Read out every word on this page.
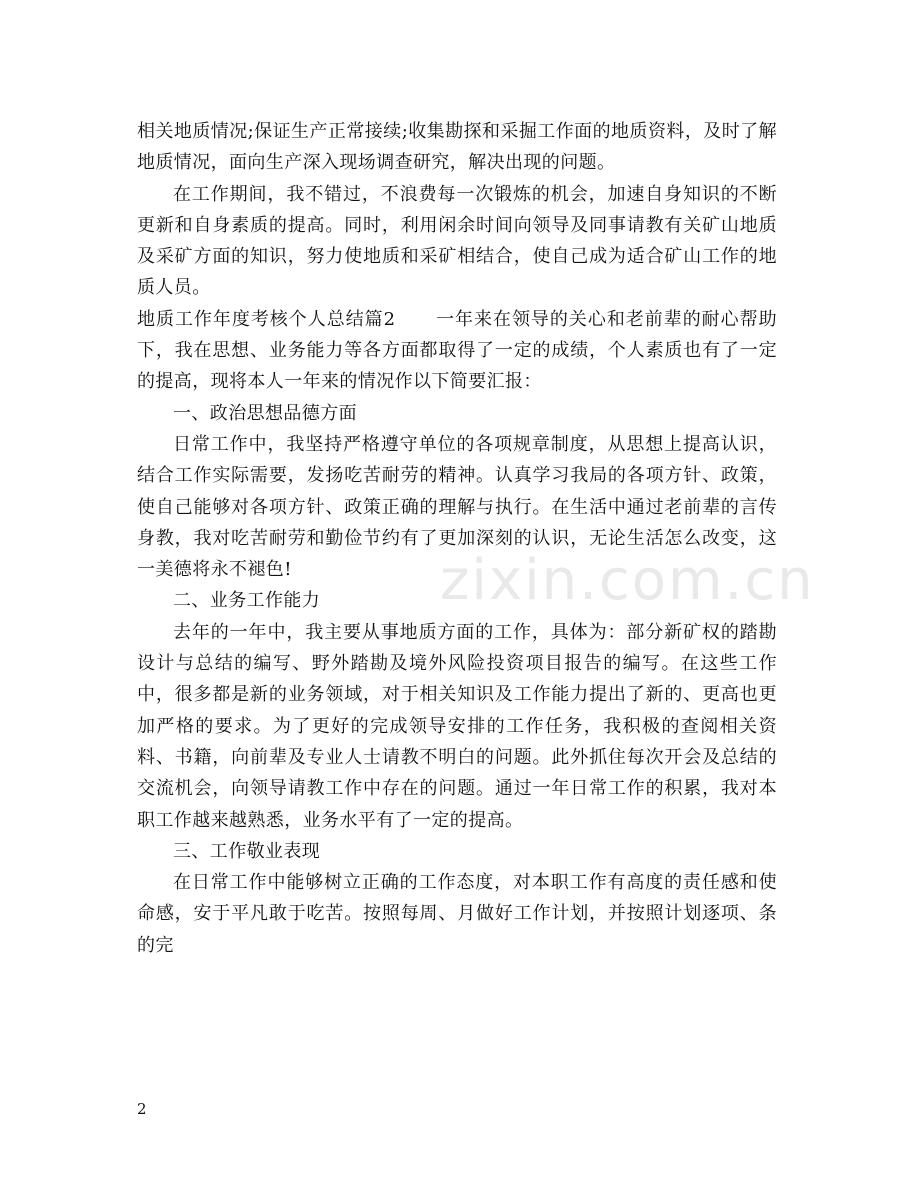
zixin.com.cn

相关地质情况;保证生产正常接续;收集勘探和采掘工作面的地质资料，及时了解地质情况，面向生产深入现场调查研究，解决出现的问题。

在工作期间，我不错过，不浪费每一次锻炼的机会，加速自身知识的不断更新和自身素质的提高。同时，利用闲余时间向领导及同事请教有关矿山地质及采矿方面的知识，努力使地质和采矿相结合，使自己成为适合矿山工作的地质人员。

地质工作年度考核个人总结篇2 一年来在领导的关心和老前辈的耐心帮助下，我在思想、业务能力等各方面都取得了一定的成绩，个人素质也有了一定的提高，现将本人一年来的情况作以下简要汇报：

一、政治思想品德方面

日常工作中，我坚持严格遵守单位的各项规章制度，从思想上提高认识，结合工作实际需要，发扬吃苦耐劳的精神。认真学习我局的各项方针、政策，使自己能够对各项方针、政策正确的理解与执行。在生活中通过老前辈的言传身教，我对吃苦耐劳和勤俭节约有了更加深刻的认识，无论生活怎么改变，这一美德将永不褪色!

二、业务工作能力

去年的一年中，我主要从事地质方面的工作，具体为：部分新矿权的踏勘设计与总结的编写、野外踏勘及境外风险投资项目报告的编写。在这些工作中，很多都是新的业务领域，对于相关知识及工作能力提出了新的、更高也更加严格的要求。为了更好的完成领导安排的工作任务，我积极的查阅相关资料、书籍，向前辈及专业人士请教不明白的问题。此外抓住每次开会及总结的交流机会，向领导请教工作中存在的问题。通过一年日常工作的积累，我对本职工作越来越熟悉，业务水平有了一定的提高。

三、工作敬业表现

在日常工作中能够树立正确的工作态度，对本职工作有高度的责任感和使命感，安于平凡敢于吃苦。按照每周、月做好工作计划，并按照计划逐项、条的完

2
